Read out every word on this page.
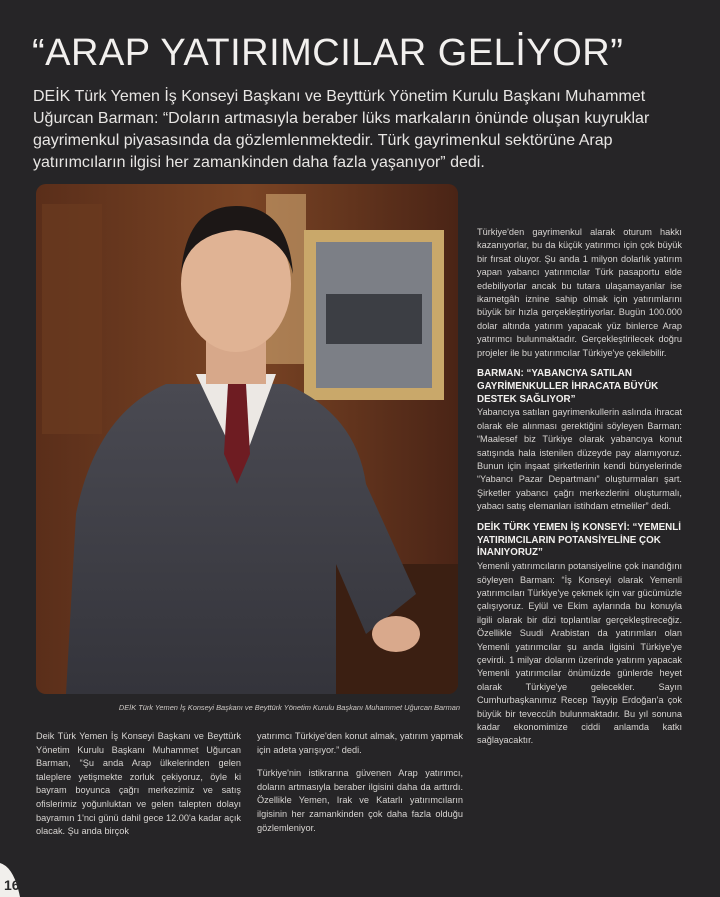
“ARAP YATIRIMCILAR GELİYOR”

DEİK Türk Yemen İş Konseyi Başkanı ve Beyttürk Yönetim Kurulu Başkanı Muhammet Uğurcan Barman: “Doların artmasıyla beraber lüks markaların önünde oluşan kuyruklar gayrimenkul piyasasında da gözlemlenmektedir. Türk gayrimenkul sektörüne Arap yatırımcıların ilgisi her zamankinden daha fazla yaşanıyor” dedi.

DEİK Türk Yemen İş Konseyi Başkanı ve Beyttürk Yönetim Kurulu Başkanı Muhammet Uğurcan Barman

Türkiye'den gayrimenkul alarak oturum hakkı kazanıyorlar, bu da küçük yatırımcı için çok büyük bir fırsat oluyor. Şu anda 1 milyon dolarlık yatırım yapan yabancı yatırımcılar Türk pasaportu elde edebiliyorlar ancak bu tutara ulaşamayanlar ise ikametgâh iznine sahip olmak için yatırımlarını büyük bir hızla gerçekleştiriyorlar. Bugün 100.000 dolar altında yatırım yapacak yüz binlerce Arap yatırımcı bulunmaktadır. Gerçekleştirilecek doğru projeler ile bu yatırımcılar Türkiye'ye çekilebilir.

BARMAN: “YABANCIYA SATILAN GAYRİMENKULLER İHRACATA BÜYÜK DESTEK SAĞLIYOR”

Yabancıya satılan gayrimenkullerin aslında ihracat olarak ele alınması gerektiğini söyleyen Barman: “Maalesef biz Türkiye olarak yabancıya konut satışında hala istenilen düzeyde pay alamıyoruz. Bunun için inşaat şirketlerinin kendi bünyelerinde “Yabancı Pazar Departmanı” oluşturmaları şart. Şirketler yabancı çağrı merkezlerini oluşturmalı, yabacı satış elemanları istihdam etmeliler” dedi.

DEİK TÜRK YEMEN İŞ KONSEYİ: “YEMENLİ YATIRIMCILARIN POTANSİYELİNE ÇOK İNANIYORUZ”

Yemenli yatırımcıların potansiyeline çok inandığını söyleyen Barman: “İş Konseyi olarak Yemenli yatırımcıları Türkiye'ye çekmek için var gücümüzle çalışıyoruz. Eylül ve Ekim aylarında bu konuyla ilgili olarak bir dizi toplantılar gerçekleştireceğiz. Özellikle Suudi Arabistan da yatırımları olan Yemenli yatırımcılar şu anda ilgisini Türkiye'ye çevirdi. 1 milyar dolarım üzerinde yatırım yapacak Yemenli yatırımcılar önümüzde günlerde heyet olarak Türkiye'ye gelecekler. Sayın Cumhurbaşkanımız Recep Tayyip Erdoğan'a çok büyük bir teveccüh bulunmaktadır. Bu yıl sonuna kadar ekonomimize ciddi anlamda katkı sağlayacaktır.

Deik Türk Yemen İş Konseyi Başkanı ve Beyttürk Yönetim Kurulu Başkanı Muhammet Uğurcan Barman, “Şu anda Arap ülkelerinden gelen taleplere yetişmekte zorluk çekiyoruz, öyle ki bayram boyunca çağrı merkezimiz ve satış ofislerimiz yoğunluktan ve gelen talepten dolayı bayramın 1'nci günü dahil gece 12.00'a kadar açık olacak. Şu anda birçok

yatırımcı Türkiye'den konut almak, yatırım yapmak için adeta yarışıyor.” dedi.

Türkiye'nin istikrarına güvenen Arap yatırımcı, doların artmasıyla beraber ilgisini daha da arttırdı. Özellikle Yemen, Irak ve Katarlı yatırımcıların ilgisinin her zamankinden çok daha fazla olduğu gözlemleniyor.

16
